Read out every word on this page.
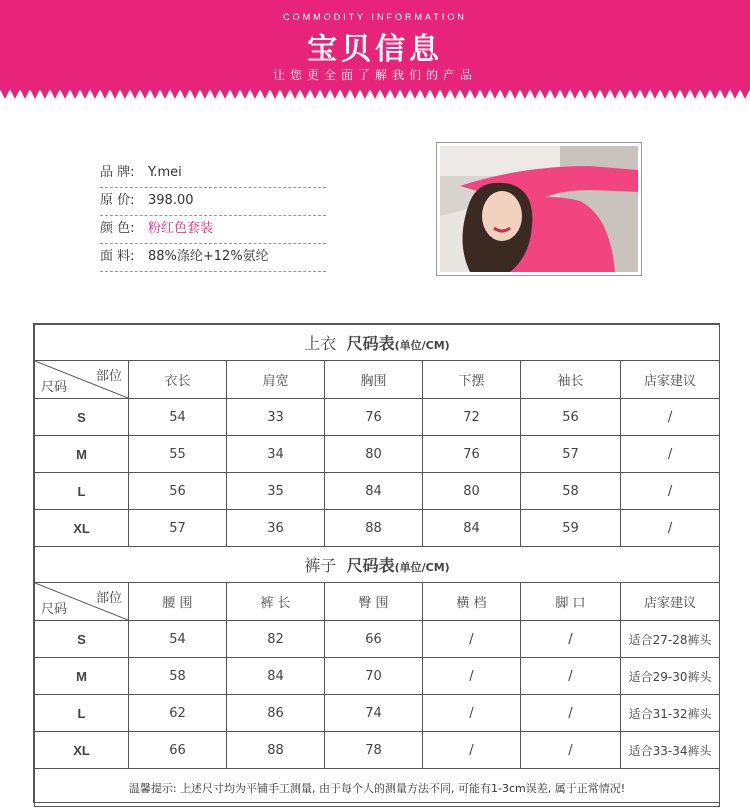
COMMODITY INFORMATION
宝贝信息
让您更全面了解我们的产品
品 牌:	Y.mei
原 价:	398.00
颜 色:	粉红色套装
面 料:	88%涤纶+12%氨纶
上衣 尺码表(单位/CM)						

部位
尺码	衣长	肩宽	胸围	下摆	袖长	店家建议
S	54	33	76	72	56	/
M	55	34	80	76	57	/
L	56	35	84	80	58	/
XL	57	36	88	84	59	/
裤子 尺码表(单位/CM)						

部位
尺码	腰 围	裤 长	臀 围	横 档	脚 口	店家建议
S	54	82	66	/	/	适合27-28裤头
M	58	84	70	/	/	适合29-30裤头
L	62	86	74	/	/	适合31-32裤头
XL	66	88	78	/	/	适合33-34裤头
温馨提示: 上述尺寸均为平铺手工测量, 由于每个人的测量方法不同, 可能有1-3cm误差, 属于正常情况!						
